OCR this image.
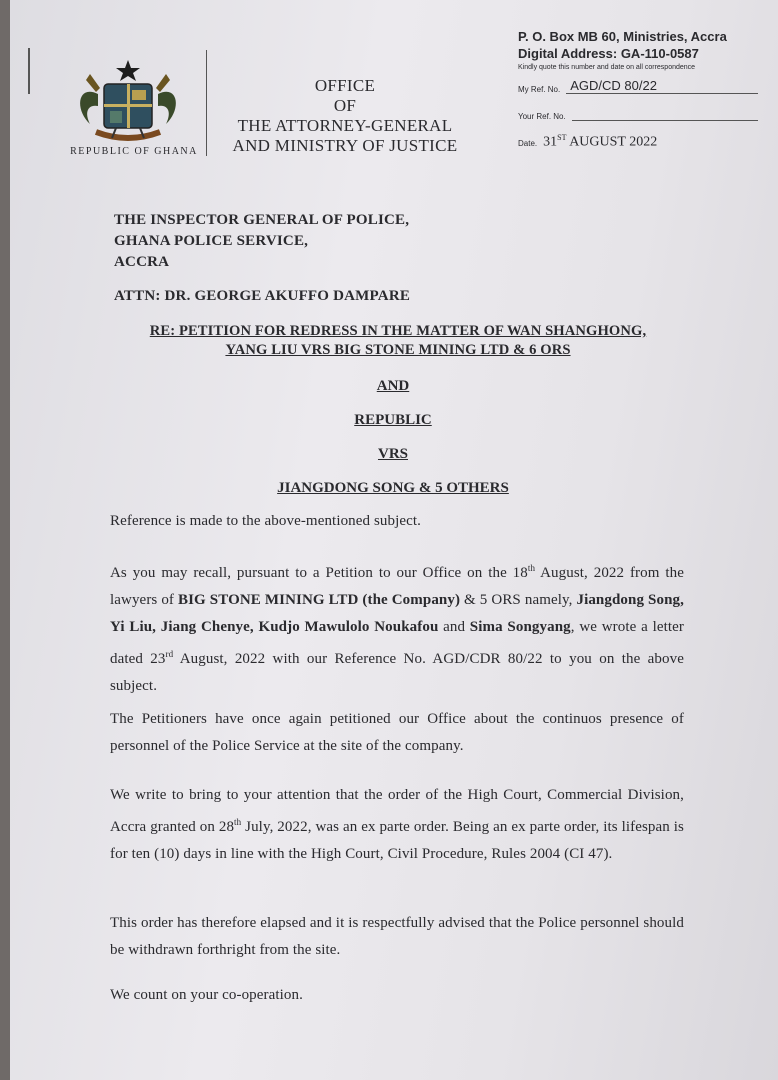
REPUBLIC OF GHANA
OFFICE
OF
THE ATTORNEY-GENERAL
AND MINISTRY OF JUSTICE
P. O. Box MB 60, Ministries, Accra
Digital Address: GA-110-0587
Kindly quote this number and date on all correspondence
My Ref. No. AGD/CD 80/22
Your Ref. No.
Date. 31ST AUGUST 2022
THE INSPECTOR GENERAL OF POLICE,
GHANA POLICE SERVICE,
ACCRA
ATTN: DR. GEORGE AKUFFO DAMPARE
RE: PETITION FOR REDRESS IN THE MATTER OF WAN SHANGHONG,
YANG LIU VRS BIG STONE MINING LTD & 6 ORS
AND
REPUBLIC
VRS
JIANGDONG SONG & 5 OTHERS
Reference is made to the above-mentioned subject.
As you may recall, pursuant to a Petition to our Office on the 18th August, 2022 from the lawyers of BIG STONE MINING LTD (the Company) & 5 ORS namely, Jiangdong Song, Yi Liu, Jiang Chenye, Kudjo Mawulolo Noukafou and Sima Songyang, we wrote a letter dated 23rd August, 2022 with our Reference No. AGD/CDR 80/22 to you on the above subject.
The Petitioners have once again petitioned our Office about the continuos presence of personnel of the Police Service at the site of the company.
We write to bring to your attention that the order of the High Court, Commercial Division, Accra granted on 28th July, 2022, was an ex parte order. Being an ex parte order, its lifespan is for ten (10) days in line with the High Court, Civil Procedure, Rules 2004 (CI 47).
This order has therefore elapsed and it is respectfully advised that the Police personnel should be withdrawn forthright from the site.
We count on your co-operation.
